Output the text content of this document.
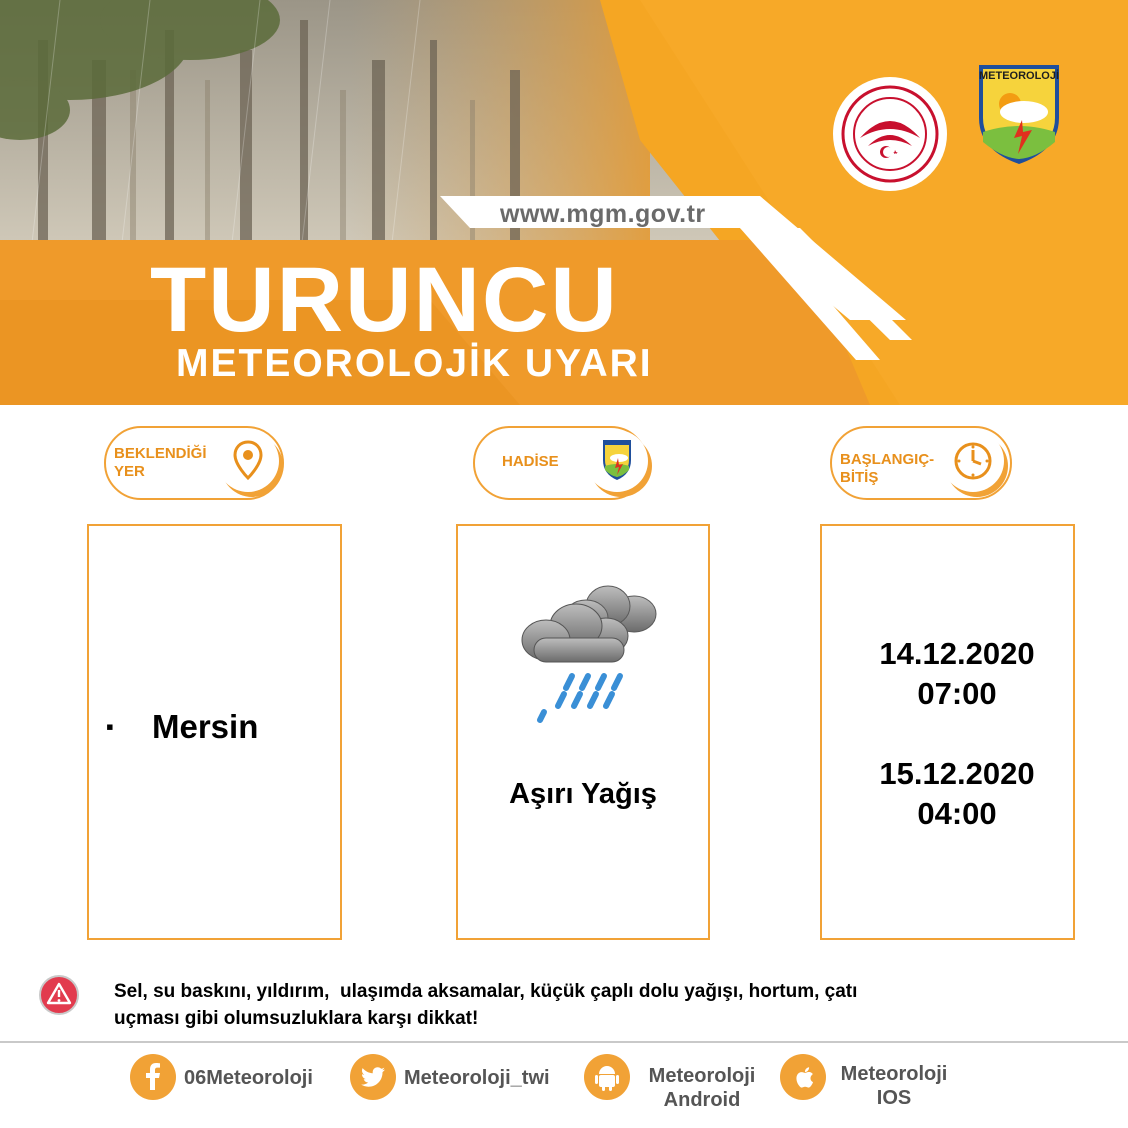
www.mgm.gov.tr
TURUNCU
METEOROLOJİK UYARI
METEOROLOJİ
BEKLENDİĞİ
YER
HADİSE	BAŞLANGIÇ-
BİTİŞ
▪ Mersin
Aşırı Yağış
14.12.2020
07:00
15.12.2020
04:00
Sel, su baskını, yıldırım,  ulaşımda aksamalar, küçük çaplı dolu yağışı, hortum, çatı
uçması gibi olumsuzluklara karşı dikkat!
06Meteoroloji	Meteoroloji_twi	Meteoroloji
Android
Meteoroloji
IOS
